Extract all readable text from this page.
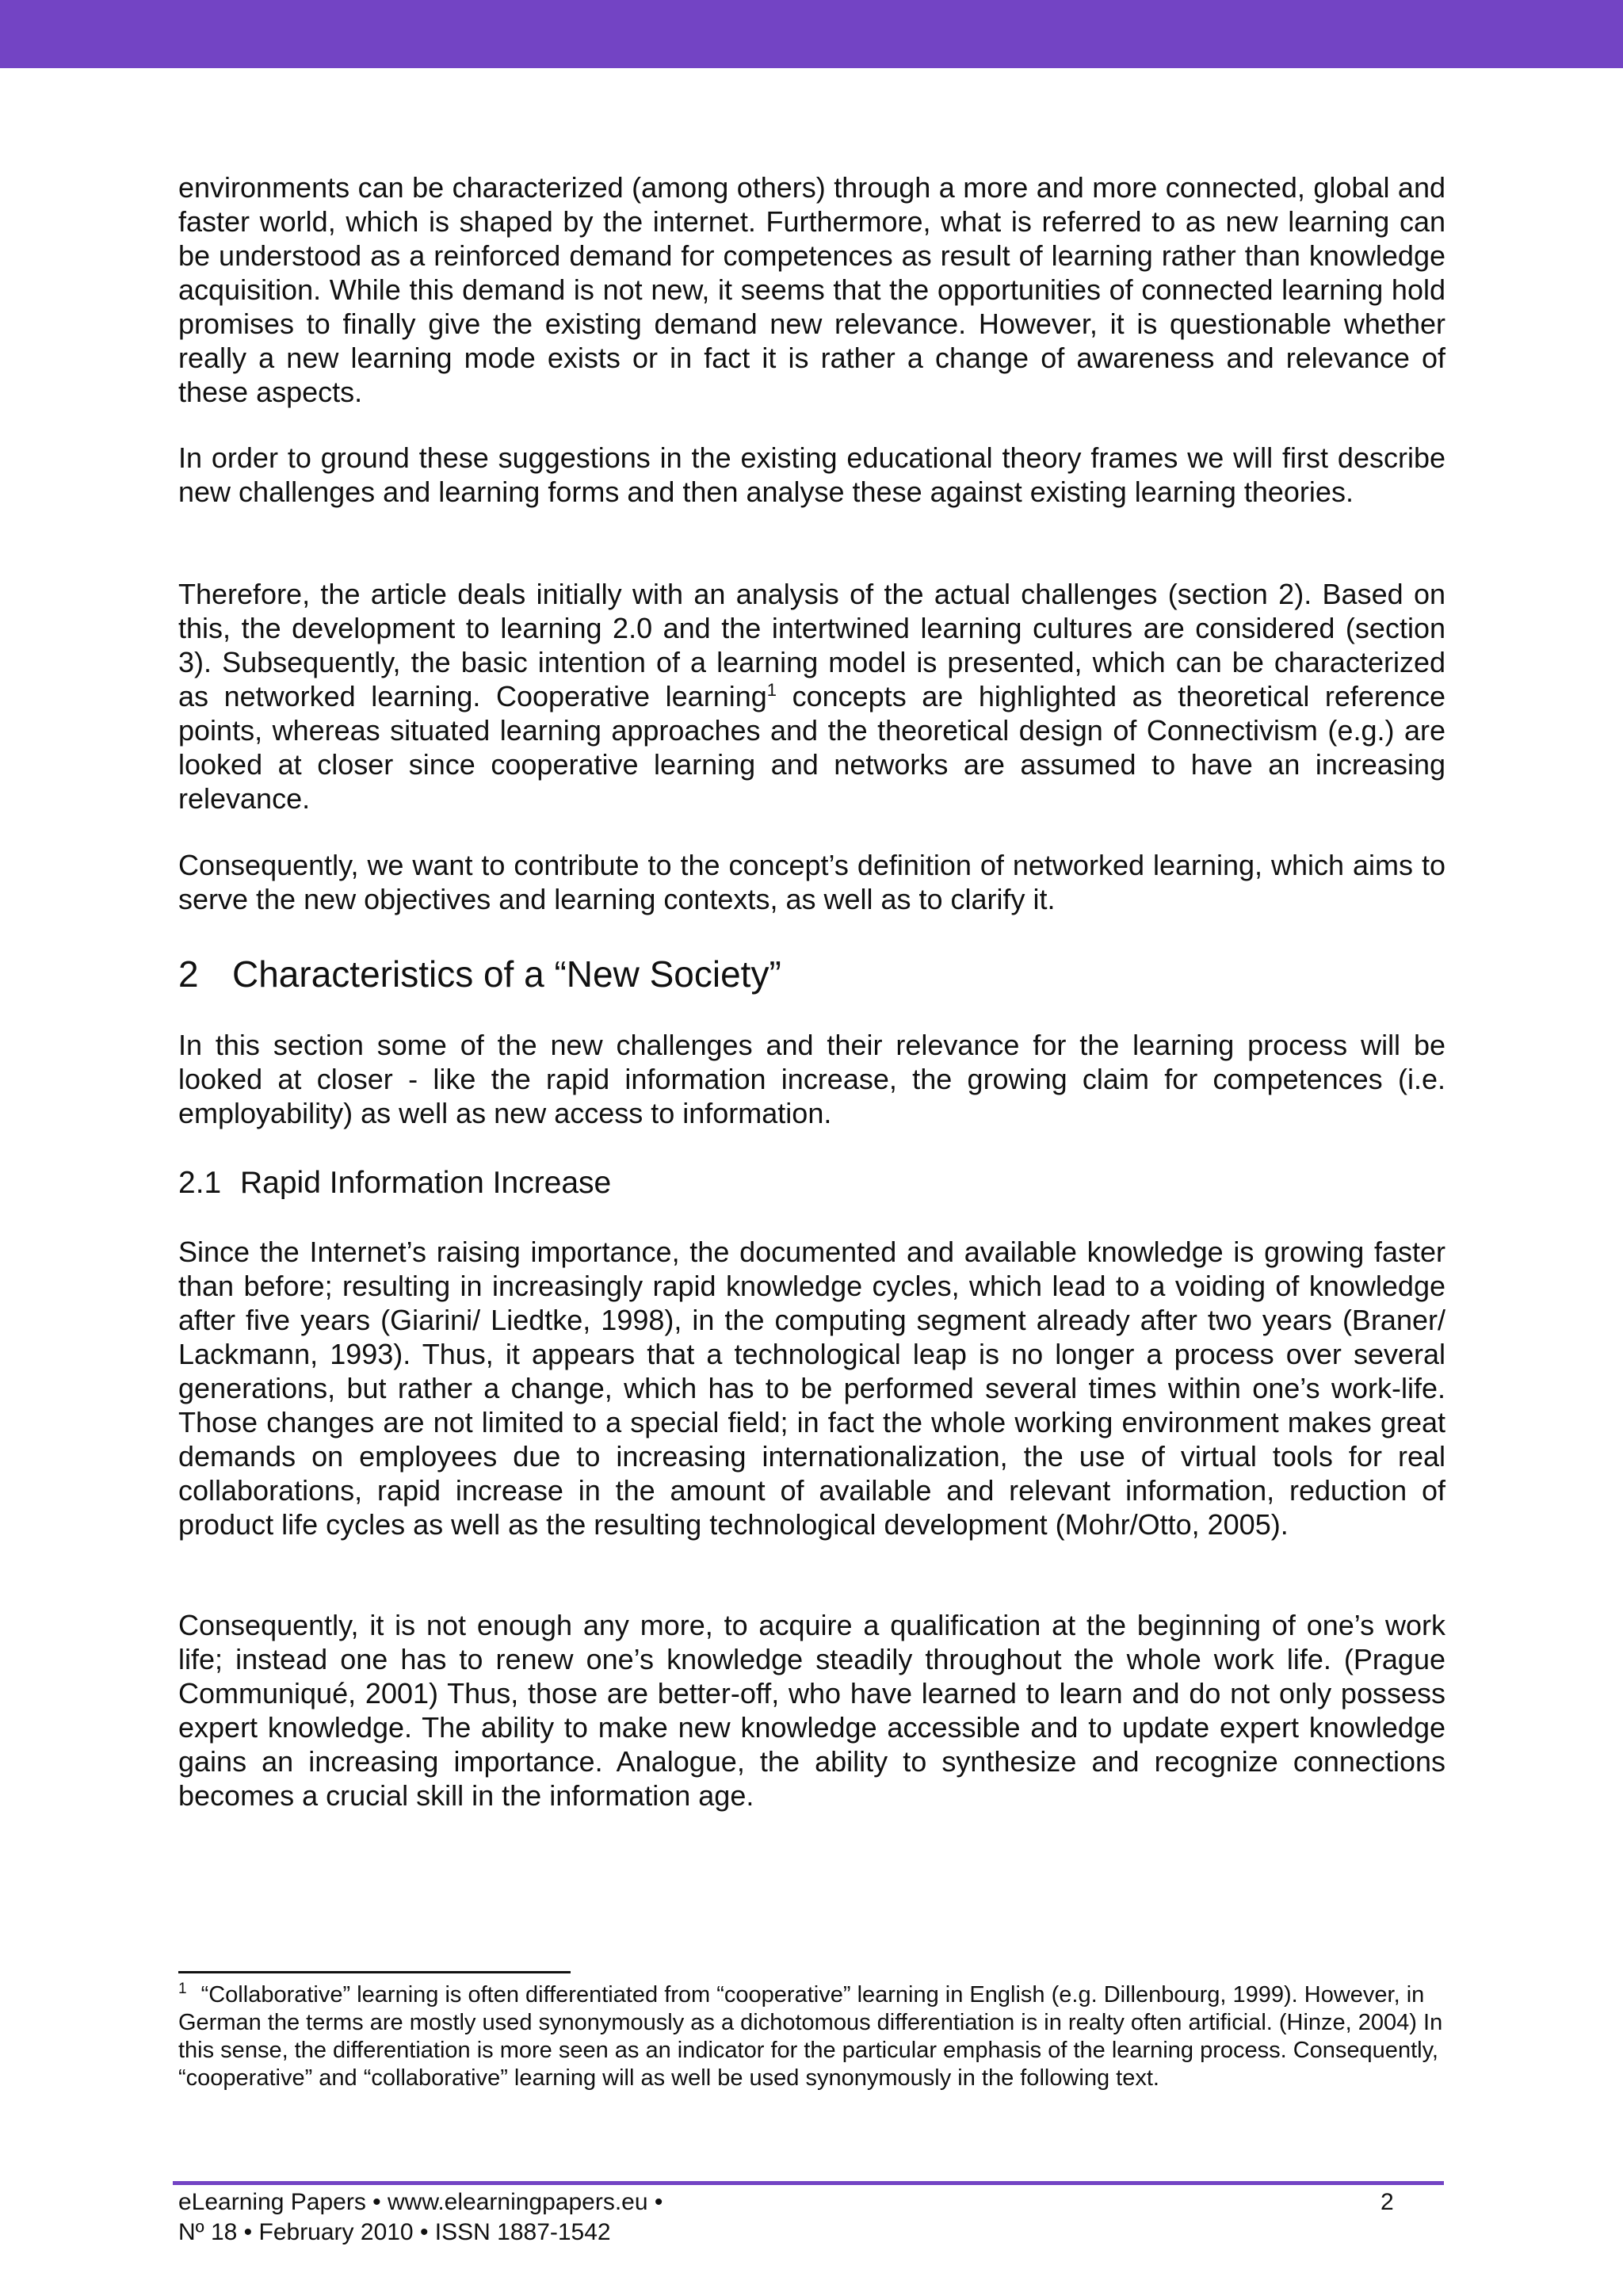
environments can be characterized (among others) through a more and more connected, global and faster world, which is shaped by the internet. Furthermore, what is referred to as new learning can be understood as a reinforced demand for competences as result of learning rather than knowledge acquisition. While this demand is not new, it seems that the opportunities of connected learning hold promises to finally give the existing demand new relevance. However, it is questionable whether really a new learning mode exists or in fact it is rather a change of awareness and relevance of these aspects.

In order to ground these suggestions in the existing educational theory frames we will first describe new challenges and learning forms and then analyse these against existing learning theories.

Therefore, the article deals initially with an analysis of the actual challenges (section 2). Based on this, the development to learning 2.0 and the intertwined learning cultures are considered (section 3). Subsequently, the basic intention of a learning model is presented, which can be characterized as networked learning. Cooperative learning$^1$ concepts are highlighted as theoretical reference points, whereas situated learning approaches and the theoretical design of Connectivism (e.g.) are looked at closer since cooperative learning and networks are assumed to have an increasing relevance.

Consequently, we want to contribute to the concept’s definition of networked learning, which aims to serve the new objectives and learning contexts, as well as to clarify it.

2 Characteristics of a “New Society”

In this section some of the new challenges and their relevance for the learning process will be looked at closer - like the rapid information increase, the growing claim for competences (i.e. employability) as well as new access to information.

2.1 Rapid Information Increase

Since the Internet’s raising importance, the documented and available knowledge is growing faster than before; resulting in increasingly rapid knowledge cycles, which lead to a voiding of knowledge after five years (Giarini/ Liedtke, 1998), in the computing segment already after two years (Braner/ Lackmann, 1993). Thus, it appears that a technological leap is no longer a process over several generations, but rather a change, which has to be performed several times within one’s work-life. Those changes are not limited to a special field; in fact the whole working environment makes great demands on employees due to increasing internationalization, the use of virtual tools for real collaborations, rapid increase in the amount of available and relevant information, reduction of product life cycles as well as the resulting technological development (Mohr/Otto, 2005).

Consequently, it is not enough any more, to acquire a qualification at the beginning of one’s work life; instead one has to renew one’s knowledge steadily throughout the whole work life. (Prague Communiqué, 2001) Thus, those are better-off, who have learned to learn and do not only possess expert knowledge. The ability to make new knowledge accessible and to update expert knowledge gains an increasing importance. Analogue, the ability to synthesize and recognize connections becomes a crucial skill in the information age.

$^1$ “Collaborative” learning is often differentiated from “cooperative” learning in English (e.g. Dillenbourg, 1999). However, in German the terms are mostly used synonymously as a dichotomous differentiation is in realty often artificial. (Hinze, 2004) In this sense, the differentiation is more seen as an indicator for the particular emphasis of the learning process. Consequently, “cooperative” and “collaborative” learning will as well be used synonymously in the following text.

eLearning Papers • www.elearningpapers.eu •
Nº 18 • February 2010 • ISSN 1887-1542
2
